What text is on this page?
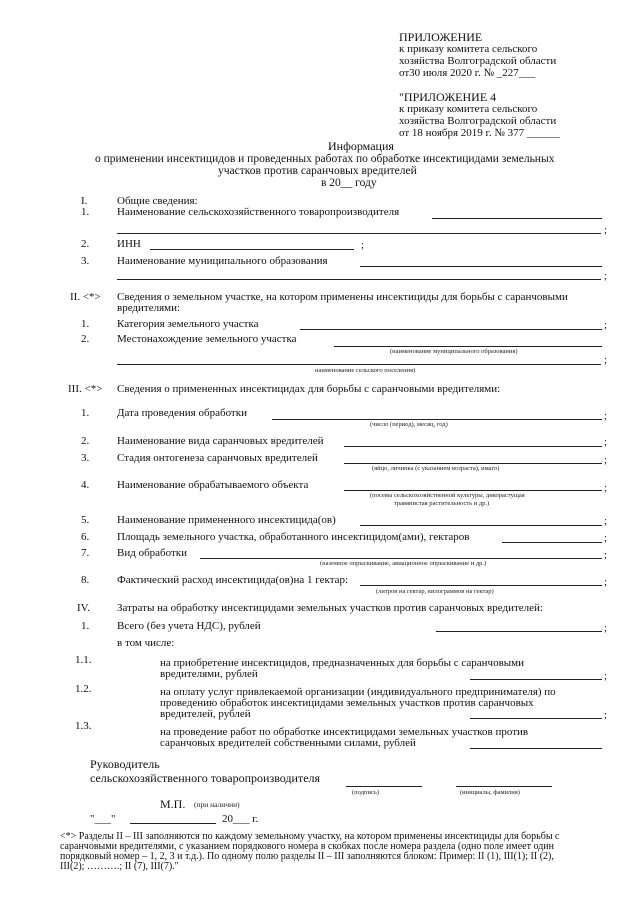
ПРИЛОЖЕНИЕ
к приказу комитета сельского
хозяйства Волгоградской области
от30 июля 2020 г. № _227___
"ПРИЛОЖЕНИЕ 4
к приказу комитета сельского
хозяйства Волгоградской области
от 18 ноября 2019 г. № 377 ______
Информация
о применении инсектицидов и проведенных работах по обработке инсектицидами земельных
участков против саранчовых вредителей
в 20__ году
I.	Общие сведения:
1.	Наименование сельскохозяйственного товаропроизводителя
;
2.	ИНН	;
3.	Наименование муниципального образования
;
II. <*> Сведения о земельном участке, на котором применены инсектициды для борьбы с саранчовыми
вредителями:
1.	Категория земельного участка	;
2.	Местонахождение земельного участка
(наименование муниципального образования)
наименование сельского поселения)
;
III. <*> Сведения о примененных инсектицидах для борьбы с саранчовыми вредителями:
1.	Дата проведения обработки
(число (период), месяц, год)
;
2.	Наименование вида саранчовых вредителей	;
3.	Стадия онтогенеза саранчовых вредителей
(яйцо, личинка (с указанием возраста), имаго)
;
4.	Наименование обрабатываемого объекта
(посевы сельскохозяйственной культуры, дикорастущая
травянистая растительность и др.)
;
5.	Наименование примененного инсектицида(ов)	;
6.	Площадь земельного участка, обработанного инсектицидом(ами), гектаров	;
7.	Вид обработки
(наземное опрыскивание, авиационное опрыскивание и др.)
;
8.	Фактический расход инсектицида(ов)на 1 гектар:
(литров на гектар, килограммов на гектар)
;
IV. Затраты на обработку инсектицидами земельных участков против саранчовых вредителей:
1.	Всего (без учета НДС), рублей	;
в том числе:
1.1.	на приобретение инсектицидов, предназначенных для борьбы с саранчовыми
вредителями, рублей	;
1.2.	на оплату услуг привлекаемой организации (индивидуального предпринимателя) по
проведению обработок инсектицидами земельных участков против саранчовых
вредителей, рублей	;
1.3.	на проведение работ по обработке инсектицидами земельных участков против
саранчовых вредителей собственными силами, рублей
Руководитель
сельскохозяйственного товаропроизводителя
(подпись)	(инициалы, фамилия)
М.П. (при наличии)
"___"	20___ г.
<*> Разделы II – III заполняются по каждому земельному участку, на котором применены инсектициды для борьбы с
саранчовыми вредителями, с указанием порядкового номера в скобках после номера раздела (одно поле имеет один
порядковый номер – 1, 2, 3 и т.д.). По одному полю разделы II – III заполняются блоком: Пример: II (1), III(1); II (2),
III(2); ……….; II (7), III(7)."
